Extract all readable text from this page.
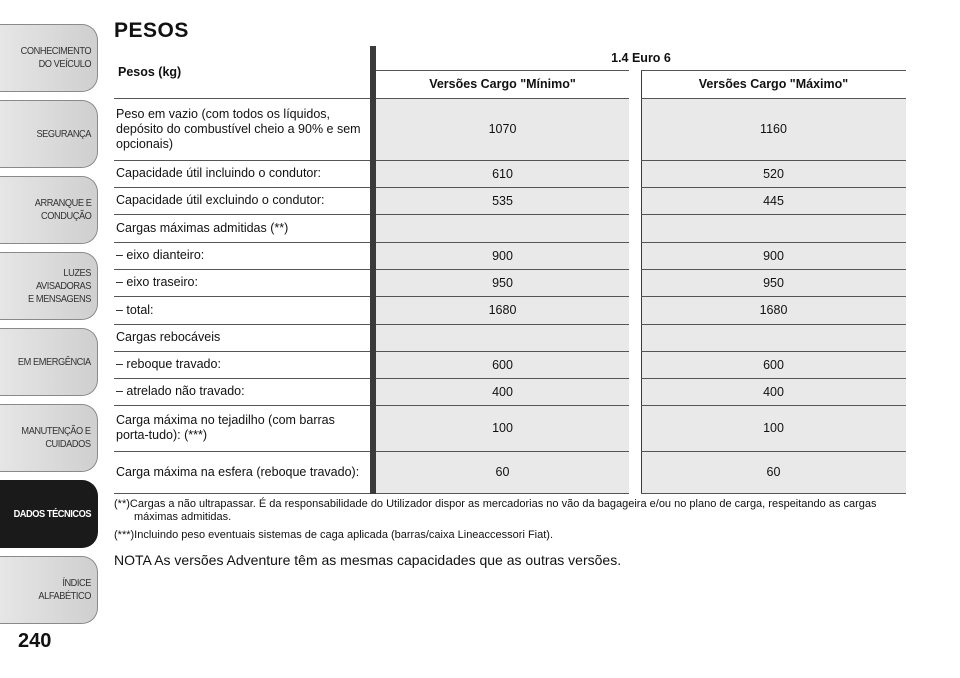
CONHECIMENTO
DO VEÍCULO
SEGURANÇA
ARRANQUE E
CONDUÇÃO
LUZES AVISADORAS
E MENSAGENS
EM EMERGÊNCIA
MANUTENÇÃO E
CUIDADOS
DADOS TÉCNICOS
ÍNDICE ALFABÉTICO
240
PESOS
Pesos (kg)	1.4 Euro 6	
	Versões Cargo "Mínimo"	Versões Cargo "Máximo"
Peso em vazio (com todos os líquidos, depósito do combustível cheio a 90% e sem opcionais)	1070	1160
Capacidade útil incluindo o condutor:	610	520
Capacidade útil excluindo o condutor:	535	445
Cargas máximas admitidas (**)		
– eixo dianteiro:	900	900
– eixo traseiro:	950	950
– total:	1680	1680
Cargas rebocáveis		
– reboque travado:	600	600
– atrelado não travado:	400	400
Carga máxima no tejadilho (com barras porta-tudo): (***)	100	100
Carga máxima na esfera (reboque travado):	60	60

(**)Cargas a não ultrapassar. É da responsabilidade do Utilizador dispor as mercadorias no vão da bagageira e/ou no plano de carga, respeitando as cargas máximas admitidas.

(***)Incluindo peso eventuais sistemas de caga aplicada (barras/caixa Lineaccessori Fiat).

NOTA As versões Adventure têm as mesmas capacidades que as outras versões.
